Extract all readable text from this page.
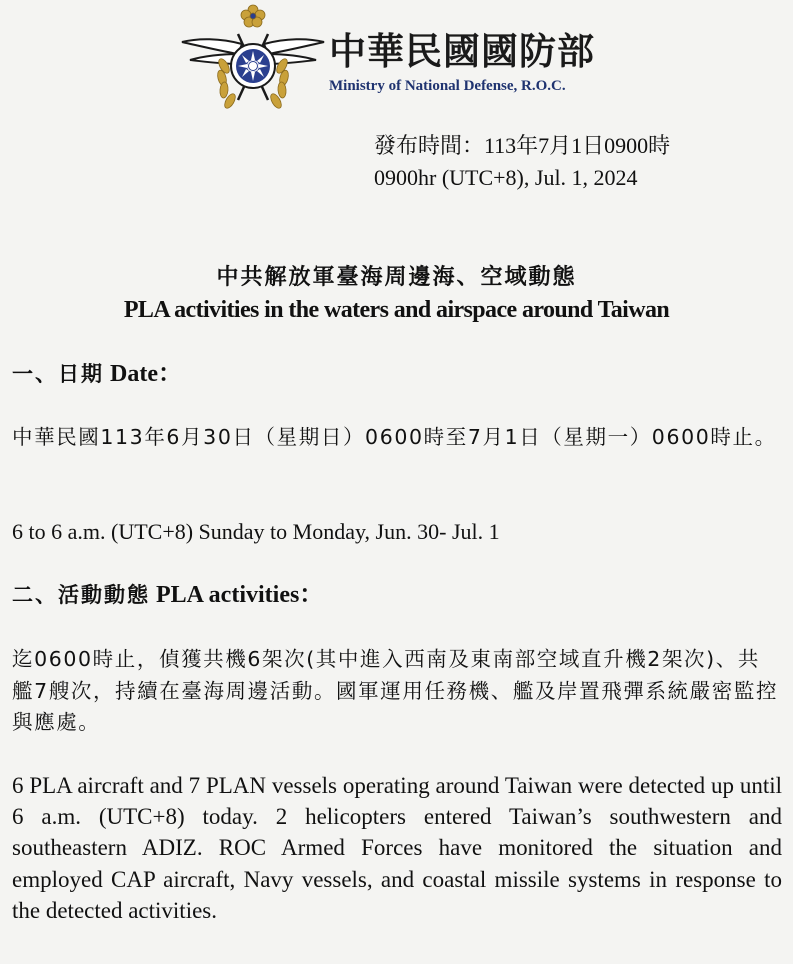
中華民國國防部
Ministry of National Defense, R.O.C.
發布時間：113年7月1日0900時
0900hr (UTC+8), Jul. 1, 2024
中共解放軍臺海周邊海、空域動態
PLA activities in the waters and airspace around Taiwan
一、日期 Date：
中華民國113年6月30日（星期日）0600時至7月1日（星期一）0600時止。
6 to 6 a.m. (UTC+8) Sunday to Monday, Jun. 30- Jul. 1
二、活動動態 PLA activities：
迄0600時止，偵獲共機6架次(其中進入西南及東南部空域直升機2架次)、共艦7艘次，持續在臺海周邊活動。國軍運用任務機、艦及岸置飛彈系統嚴密監控與應處。
6 PLA aircraft and 7 PLAN vessels operating around Taiwan were detected up until 6 a.m. (UTC+8) today. 2 helicopters entered Taiwan’s southwestern and southeastern ADIZ. ROC Armed Forces have monitored the situation and employed CAP aircraft, Navy vessels, and coastal missile systems in response to the detected activities.
